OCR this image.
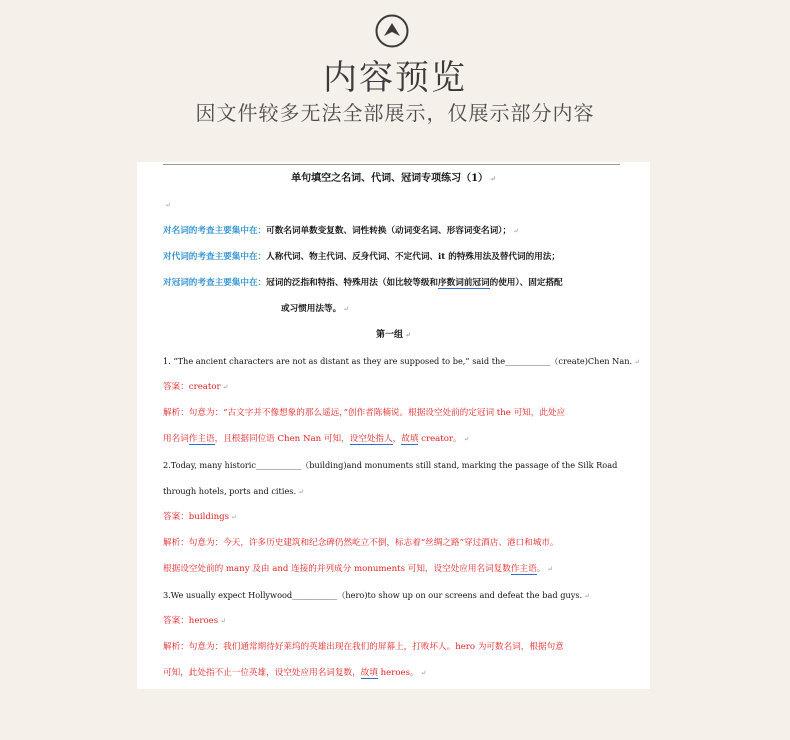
内容预览
因文件较多无法全部展示，仅展示部分内容
单句填空之名词、代词、冠词专项练习（1） ↵
↵
对名词的考查主要集中在：可数名词单数变复数、词性转换（动词变名词、形容词变名词）； ↵
对代词的考查主要集中在：人称代词、物主代词、反身代词、不定代词、it 的特殊用法及替代词的用法；
对冠词的考查主要集中在：冠词的泛指和特指、特殊用法（如比较等级和序数词前冠词的使用）、固定搭配
或习惯用法等。 ↵
第一组 ↵
1. “The ancient characters are not as distant as they are supposed to be,” said the___________（create)Chen Nan. ↵
答案：creator ↵
解析：句意为：“古文字并不像想象的那么遥远，”创作者陈楠说。根据设空处前的定冠词 the 可知，此处应
用名词作主语，且根据同位语 Chen Nan 可知，设空处指人，故填 creator。 ↵
2.Today, many historic___________（building)and monuments still stand, marking the passage of the Silk Road
through hotels, ports and cities. ↵
答案：buildings ↵
解析：句意为：今天，许多历史建筑和纪念碑仍然屹立不倒，标志着“丝绸之路”穿过酒店、港口和城市。
根据设空处前的 many 及由 and 连接的并列成分 monuments 可知，设空处应用名词复数作主语。 ↵
3.We usually expect Hollywood___________（hero)to show up on our screens and defeat the bad guys. ↵
答案：heroes ↵
解析：句意为：我们通常期待好莱坞的英雄出现在我们的屏幕上，打败坏人。hero 为可数名词，根据句意
可知，此处指不止一位英雄，设空处应用名词复数，故填 heroes。 ↵
